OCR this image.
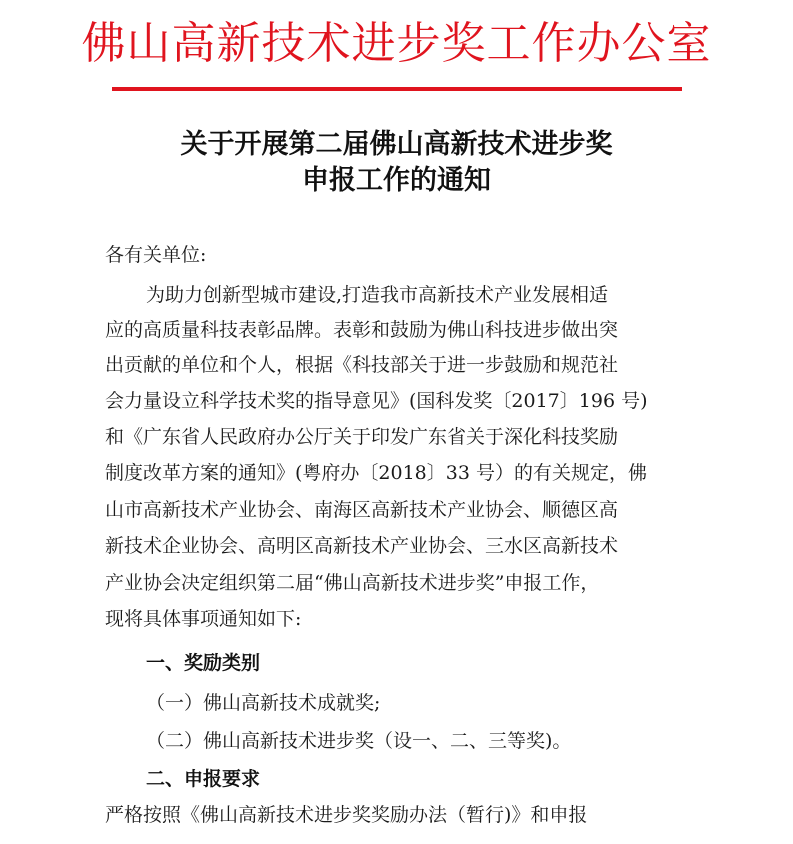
佛山高新技术进步奖工作办公室
关于开展第二届佛山高新技术进步奖
申报工作的通知
各有关单位:
为助力创新型城市建设,打造我市高新技术产业发展相适
应的高质量科技表彰品牌。表彰和鼓励为佛山科技进步做出突
出贡献的单位和个人，根据《科技部关于进一步鼓励和规范社
会力量设立科学技术奖的指导意见》(国科发奖〔2017〕196 号)
和《广东省人民政府办公厅关于印发广东省关于深化科技奖励
制度改革方案的通知》(粤府办〔2018〕33 号）的有关规定，佛
山市高新技术产业协会、南海区高新技术产业协会、顺德区高
新技术企业协会、高明区高新技术产业协会、三水区高新技术
产业协会决定组织第二届“佛山高新技术进步奖”申报工作，
现将具体事项通知如下:
一、奖励类别
（一）佛山高新技术成就奖;
（二）佛山高新技术进步奖（设一、二、三等奖)。
二、申报要求
严格按照《佛山高新技术进步奖奖励办法（暂行)》和申报
